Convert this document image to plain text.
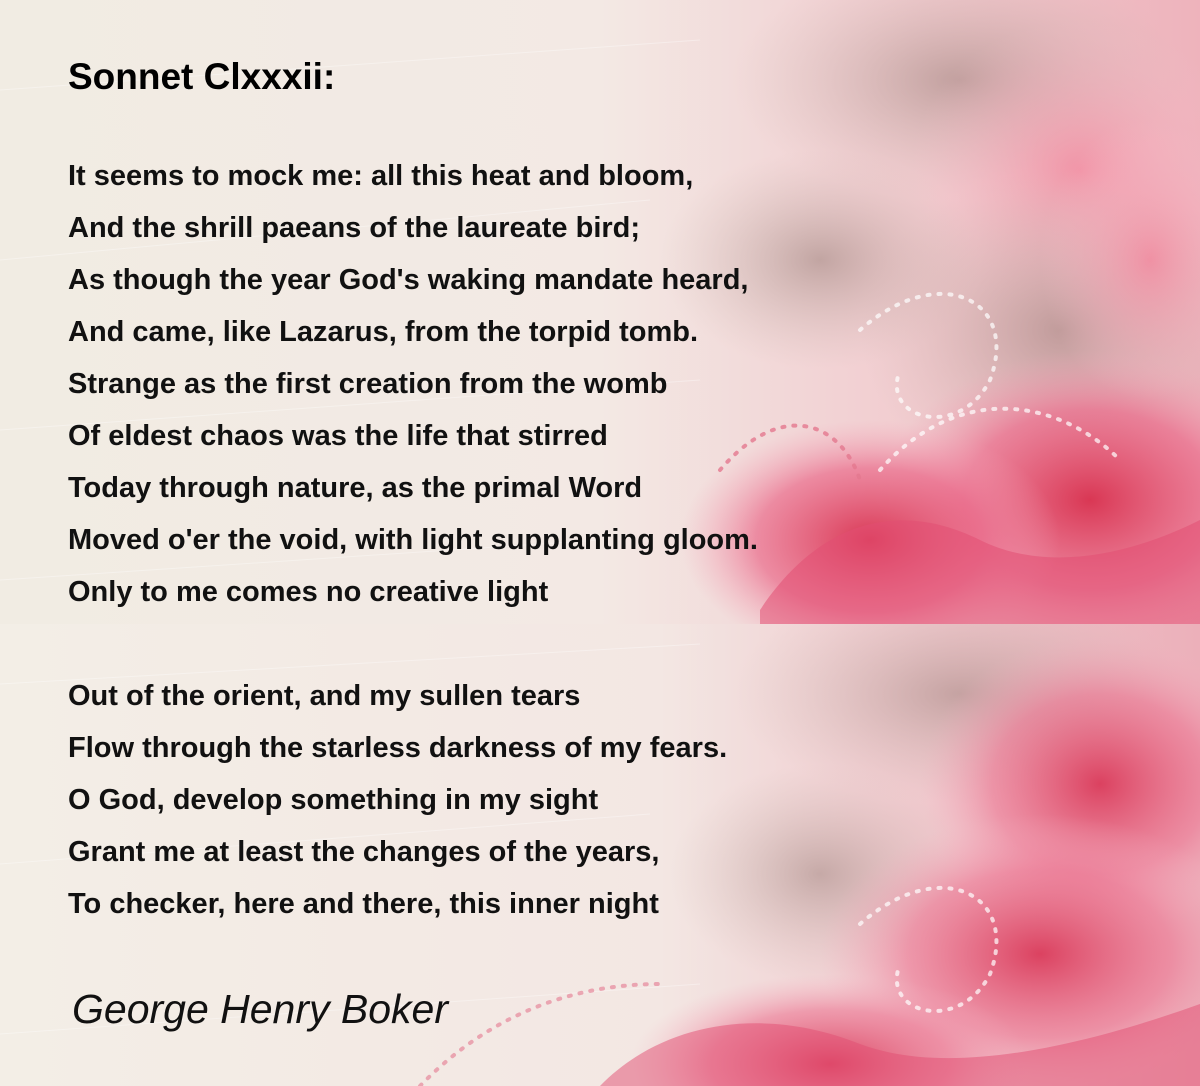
Sonnet Clxxxii:
It seems to mock me: all this heat and bloom,
And the shrill paeans of the laureate bird;
As though the year God's waking mandate heard,
And came, like Lazarus, from the torpid tomb.
Strange as the first creation from the womb
Of eldest chaos was the life that stirred
Today through nature, as the primal Word
Moved o'er the void, with light supplanting gloom.
Only to me comes no creative light
Out of the orient, and my sullen tears
Flow through the starless darkness of my fears.
O God, develop something in my sight
Grant me at least the changes of the years,
To checker, here and there, this inner night
George Henry Boker
